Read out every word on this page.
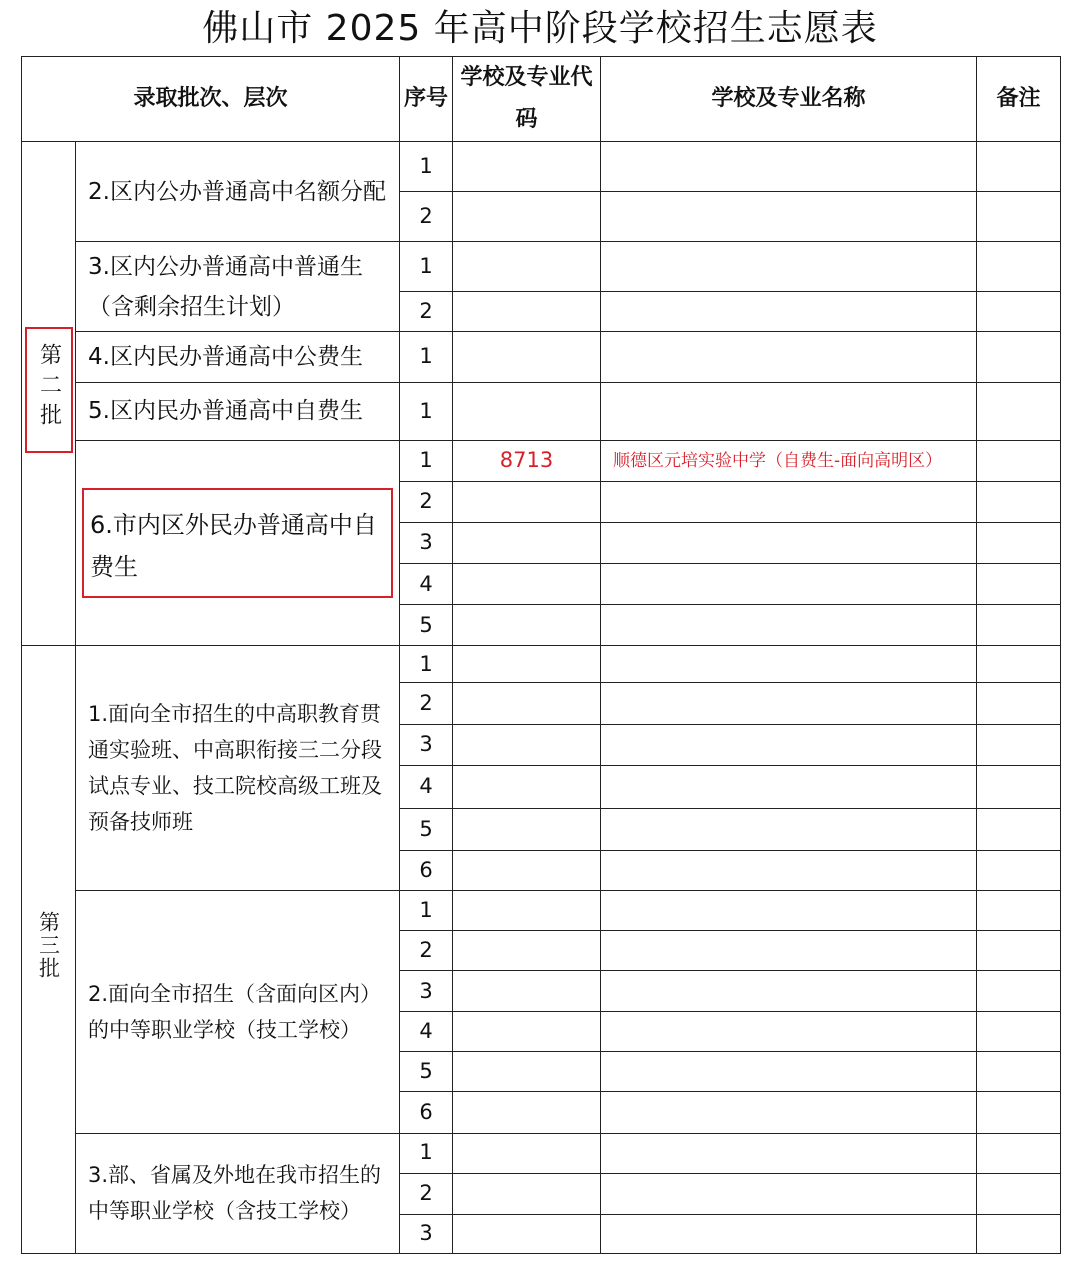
佛山市 2025 年高中阶段学校招生志愿表
录取批次、层次		序号	学校及专业代码	学校及专业名称	备注
第二批	2.区内公办普通高中名额分配	1			
		2			

	3.区内公办普通高中普通生（含剩余招生计划）	1			
		2			

	4.区内民办普通高中公费生	1			

	5.区内民办普通高中自费生	1			

	6.市内区外民办普通高中自费生	1	8713	顺德区元培实验中学（自费生-面向高明区）	
		2			
		3			
		4			
		5			
第三批	1.面向全市招生的中高职教育贯通实验班、中高职衔接三二分段试点专业、技工院校高级工班及预备技师班	1			
		2			
		3			
		4			
		5			
		6			

	2.面向全市招生（含面向区内）的中等职业学校（技工学校）	1			
		2			
		3			
		4			
		5			
		6			

	3.部、省属及外地在我市招生的中等职业学校（含技工学校）	1			
		2			
		3			
